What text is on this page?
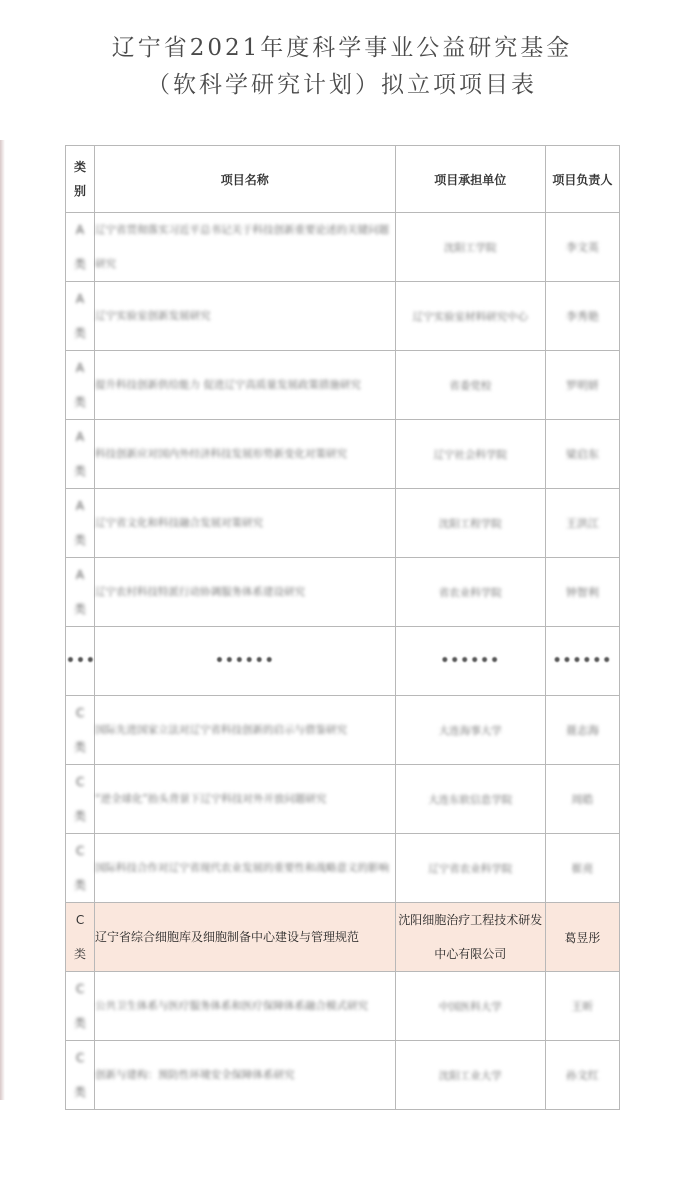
辽宁省2021年度科学事业公益研究基金
（软科学研究计划）拟立项项目表
类
别	项目名称	项目承担单位	项目负责人

A
类	辽宁省贯彻落实习近平总书记关于科技创新重要论述的关键问题研究	沈阳工学院	李文英

A
类	辽宁实验室创新发展研究	辽宁实验室材料研究中心	李秀艳

A
类	提升科技创新供给能力 促进辽宁高质量发展政策措施研究	省委党校	罗明妍

A
类	科技创新应对国内外经济科技发展形势新变化对策研究	辽宁社会科学院	梁启东

A
类	辽宁省文化和科技融合发展对策研究	沈阳工程学院	王洪江

A
类	辽宁农村科技特派行动协调服务体系建设研究	省农业科学院	钟智利
•••	••••••	••••••	••••••

C
类	国际先进国家立法对辽宁省科技创新的启示与借鉴研究	大连海事大学	聂志海

C
类	“逆全球化”抬头背景下辽宁科技对外开放问题研究	大连东软信息学院	周皓

C
类	国际科技合作对辽宁省现代农业发展的重要性和战略意义的影响	辽宁省农业科学院	崔亮

C
类	辽宁省综合细胞库及细胞制备中心建设与管理规范	沈阳细胞治疗工程技术研发中心有限公司	葛昱彤

C
类	公共卫生体系与医疗服务体系和医疗保障体系融合模式研究	中国医科大学	王昕

C
类	创新与建构：预防性环境安全保障体系研究	沈阳工业大学	孙文红
